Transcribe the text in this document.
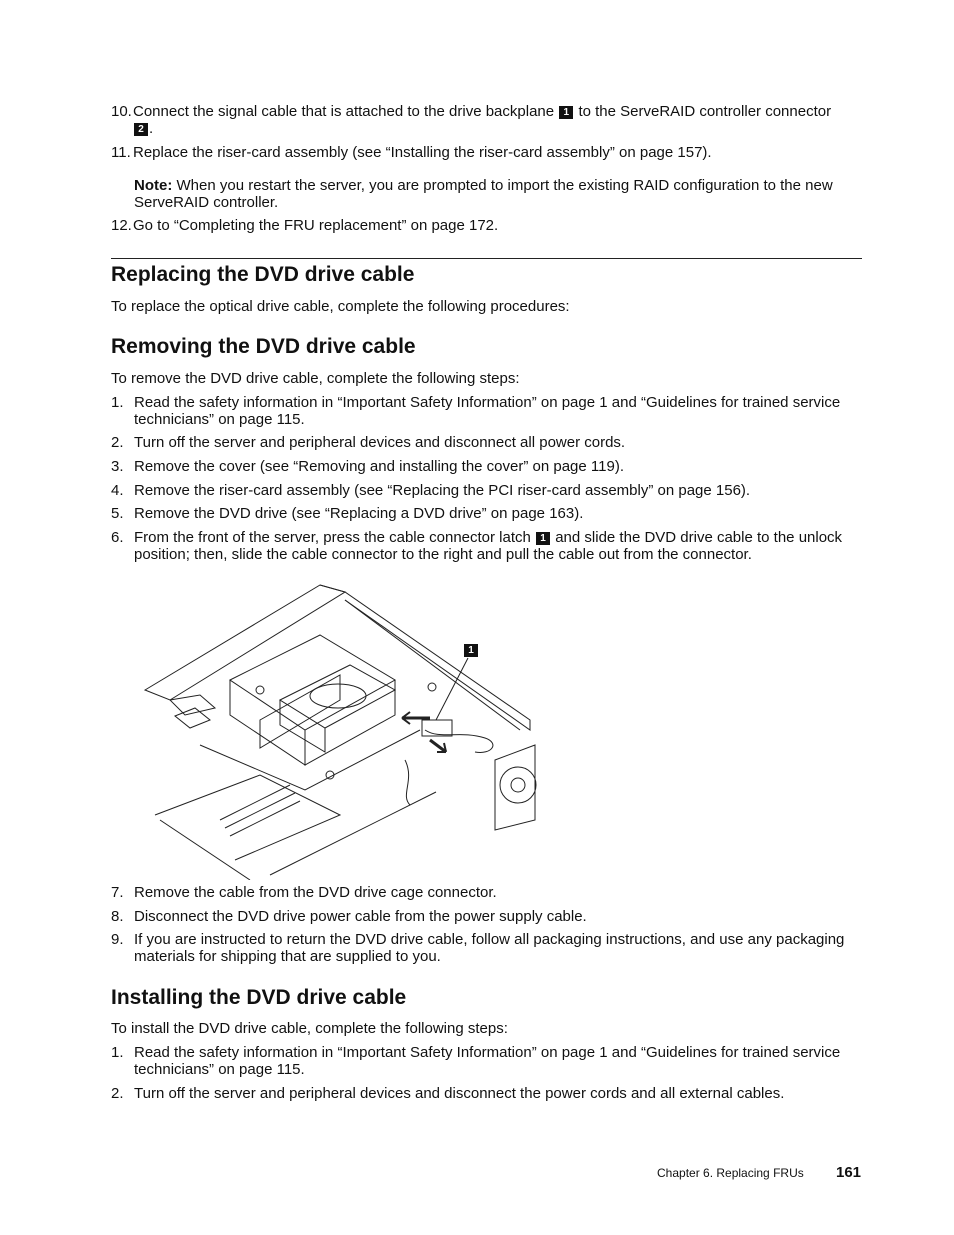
10. Connect the signal cable that is attached to the drive backplane 1 to the ServeRAID controller connector
2 .
11. Replace the riser-card assembly (see “Installing the riser-card assembly” on page 157).
Note: When you restart the server, you are prompted to import the existing RAID configuration to the new ServeRAID controller.
12. Go to “Completing the FRU replacement” on page 172.
Replacing the DVD drive cable

To replace the optical drive cable, complete the following procedures:

Removing the DVD drive cable

To remove the DVD drive cable, complete the following steps:

1. Read the safety information in “Important Safety Information” on page 1 and “Guidelines for trained service technicians” on page 115.
2. Turn off the server and peripheral devices and disconnect all power cords.
3. Remove the cover (see “Removing and installing the cover” on page 119).
4. Remove the riser-card assembly (see “Replacing the PCI riser-card assembly” on page 156).
5. Remove the DVD drive (see “Replacing a DVD drive” on page 163).
6. From the front of the server, press the cable connector latch 1 and slide the DVD drive cable to the unlock position; then, slide the cable connector to the right and pull the cable out from the connector.
1
7. Remove the cable from the DVD drive cage connector.
8. Disconnect the DVD drive power cable from the power supply cable.
9. If you are instructed to return the DVD drive cable, follow all packaging instructions, and use any packaging materials for shipping that are supplied to you.
Installing the DVD drive cable

To install the DVD drive cable, complete the following steps:

1. Read the safety information in “Important Safety Information” on page 1 and “Guidelines for trained service technicians” on page 115.
2. Turn off the server and peripheral devices and disconnect the power cords and all external cables.
Chapter 6. Replacing FRUs 161
